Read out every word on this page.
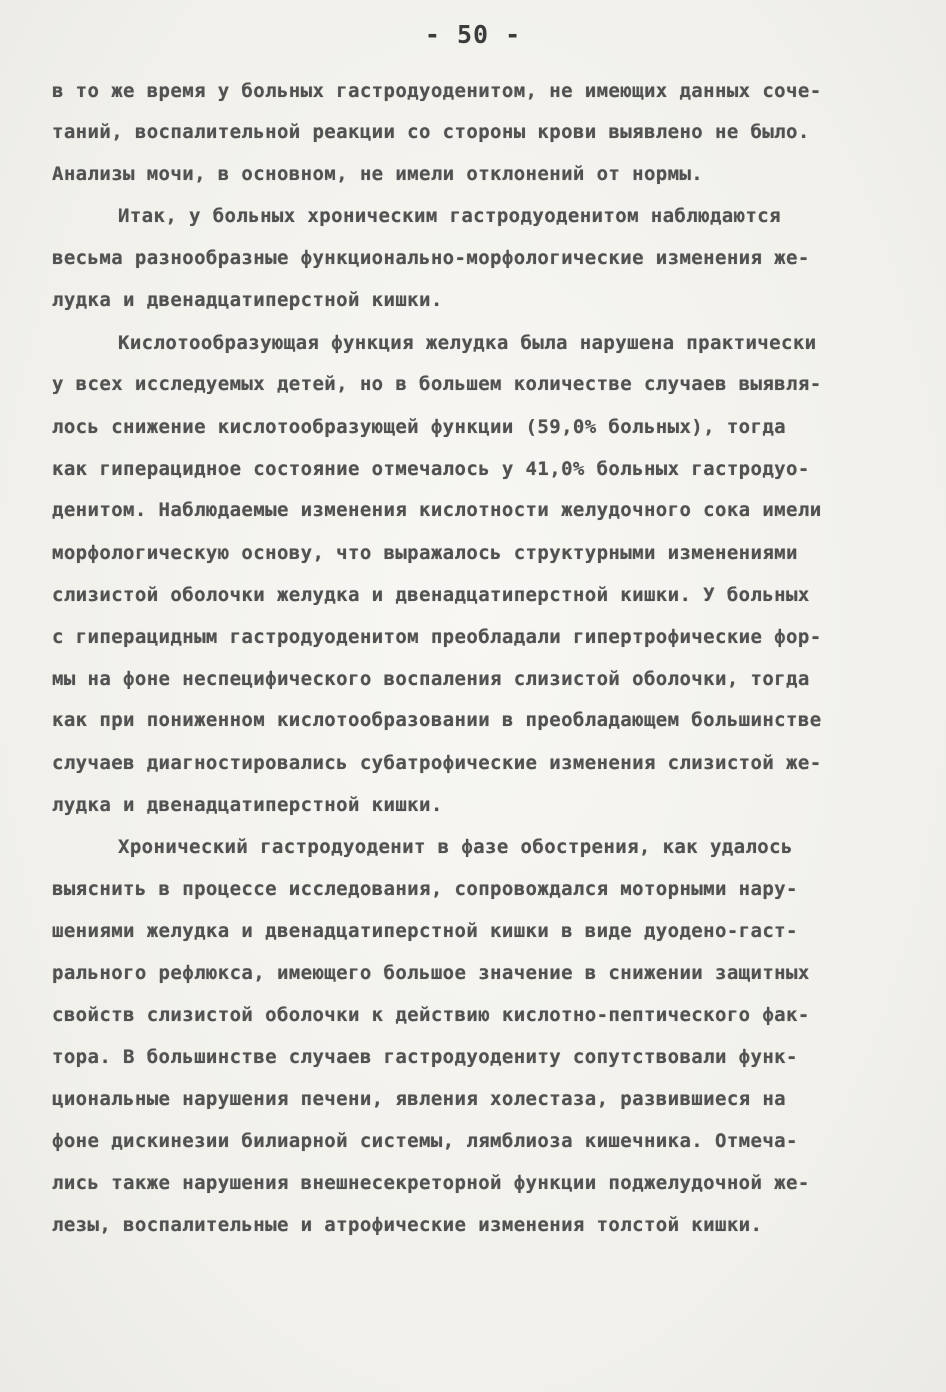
- 50 -
в то же время у больных гастродуоденитом, не имеющих данных соче-
таний, воспалительной реакции со стороны крови выявлено не было.
Анализы мочи, в основном, не имели отклонений от нормы.
Итак, у больных хроническим гастродуоденитом наблюдаются
весьма разнообразные функционально-морфологические изменения же-
лудка и двенадцатиперстной кишки.
Кислотообразующая функция желудка была нарушена практически
у всех исследуемых детей, но в большем количестве случаев выявля-
лось снижение кислотообразующей функции (59,0% больных), тогда
как гиперацидное состояние отмечалось у 41,0% больных гастродуо-
денитом. Наблюдаемые изменения кислотности желудочного сока имели
морфологическую основу, что выражалось структурными изменениями
слизистой оболочки желудка и двенадцатиперстной кишки. У больных
с гиперацидным гастродуоденитом преобладали гипертрофические фор-
мы на фоне неспецифического воспаления слизистой оболочки, тогда
как при пониженном кислотообразовании в преобладающем большинстве
случаев диагностировались субатрофические изменения слизистой же-
лудка и двенадцатиперстной кишки.
Хронический гастродуоденит в фазе обострения, как удалось
выяснить в процессе исследования, сопровождался моторными нару-
шениями желудка и двенадцатиперстной кишки в виде дуодено-гаст-
рального рефлюкса, имеющего большое значение в снижении защитных
свойств слизистой оболочки к действию кислотно-пептического фак-
тора. В большинстве случаев гастродуодениту сопутствовали функ-
циональные нарушения печени, явления холестаза, развившиеся на
фоне дискинезии билиарной системы, лямблиоза кишечника. Отмеча-
лись также нарушения внешнесекреторной функции поджелудочной же-
лезы, воспалительные и атрофические изменения толстой кишки.
